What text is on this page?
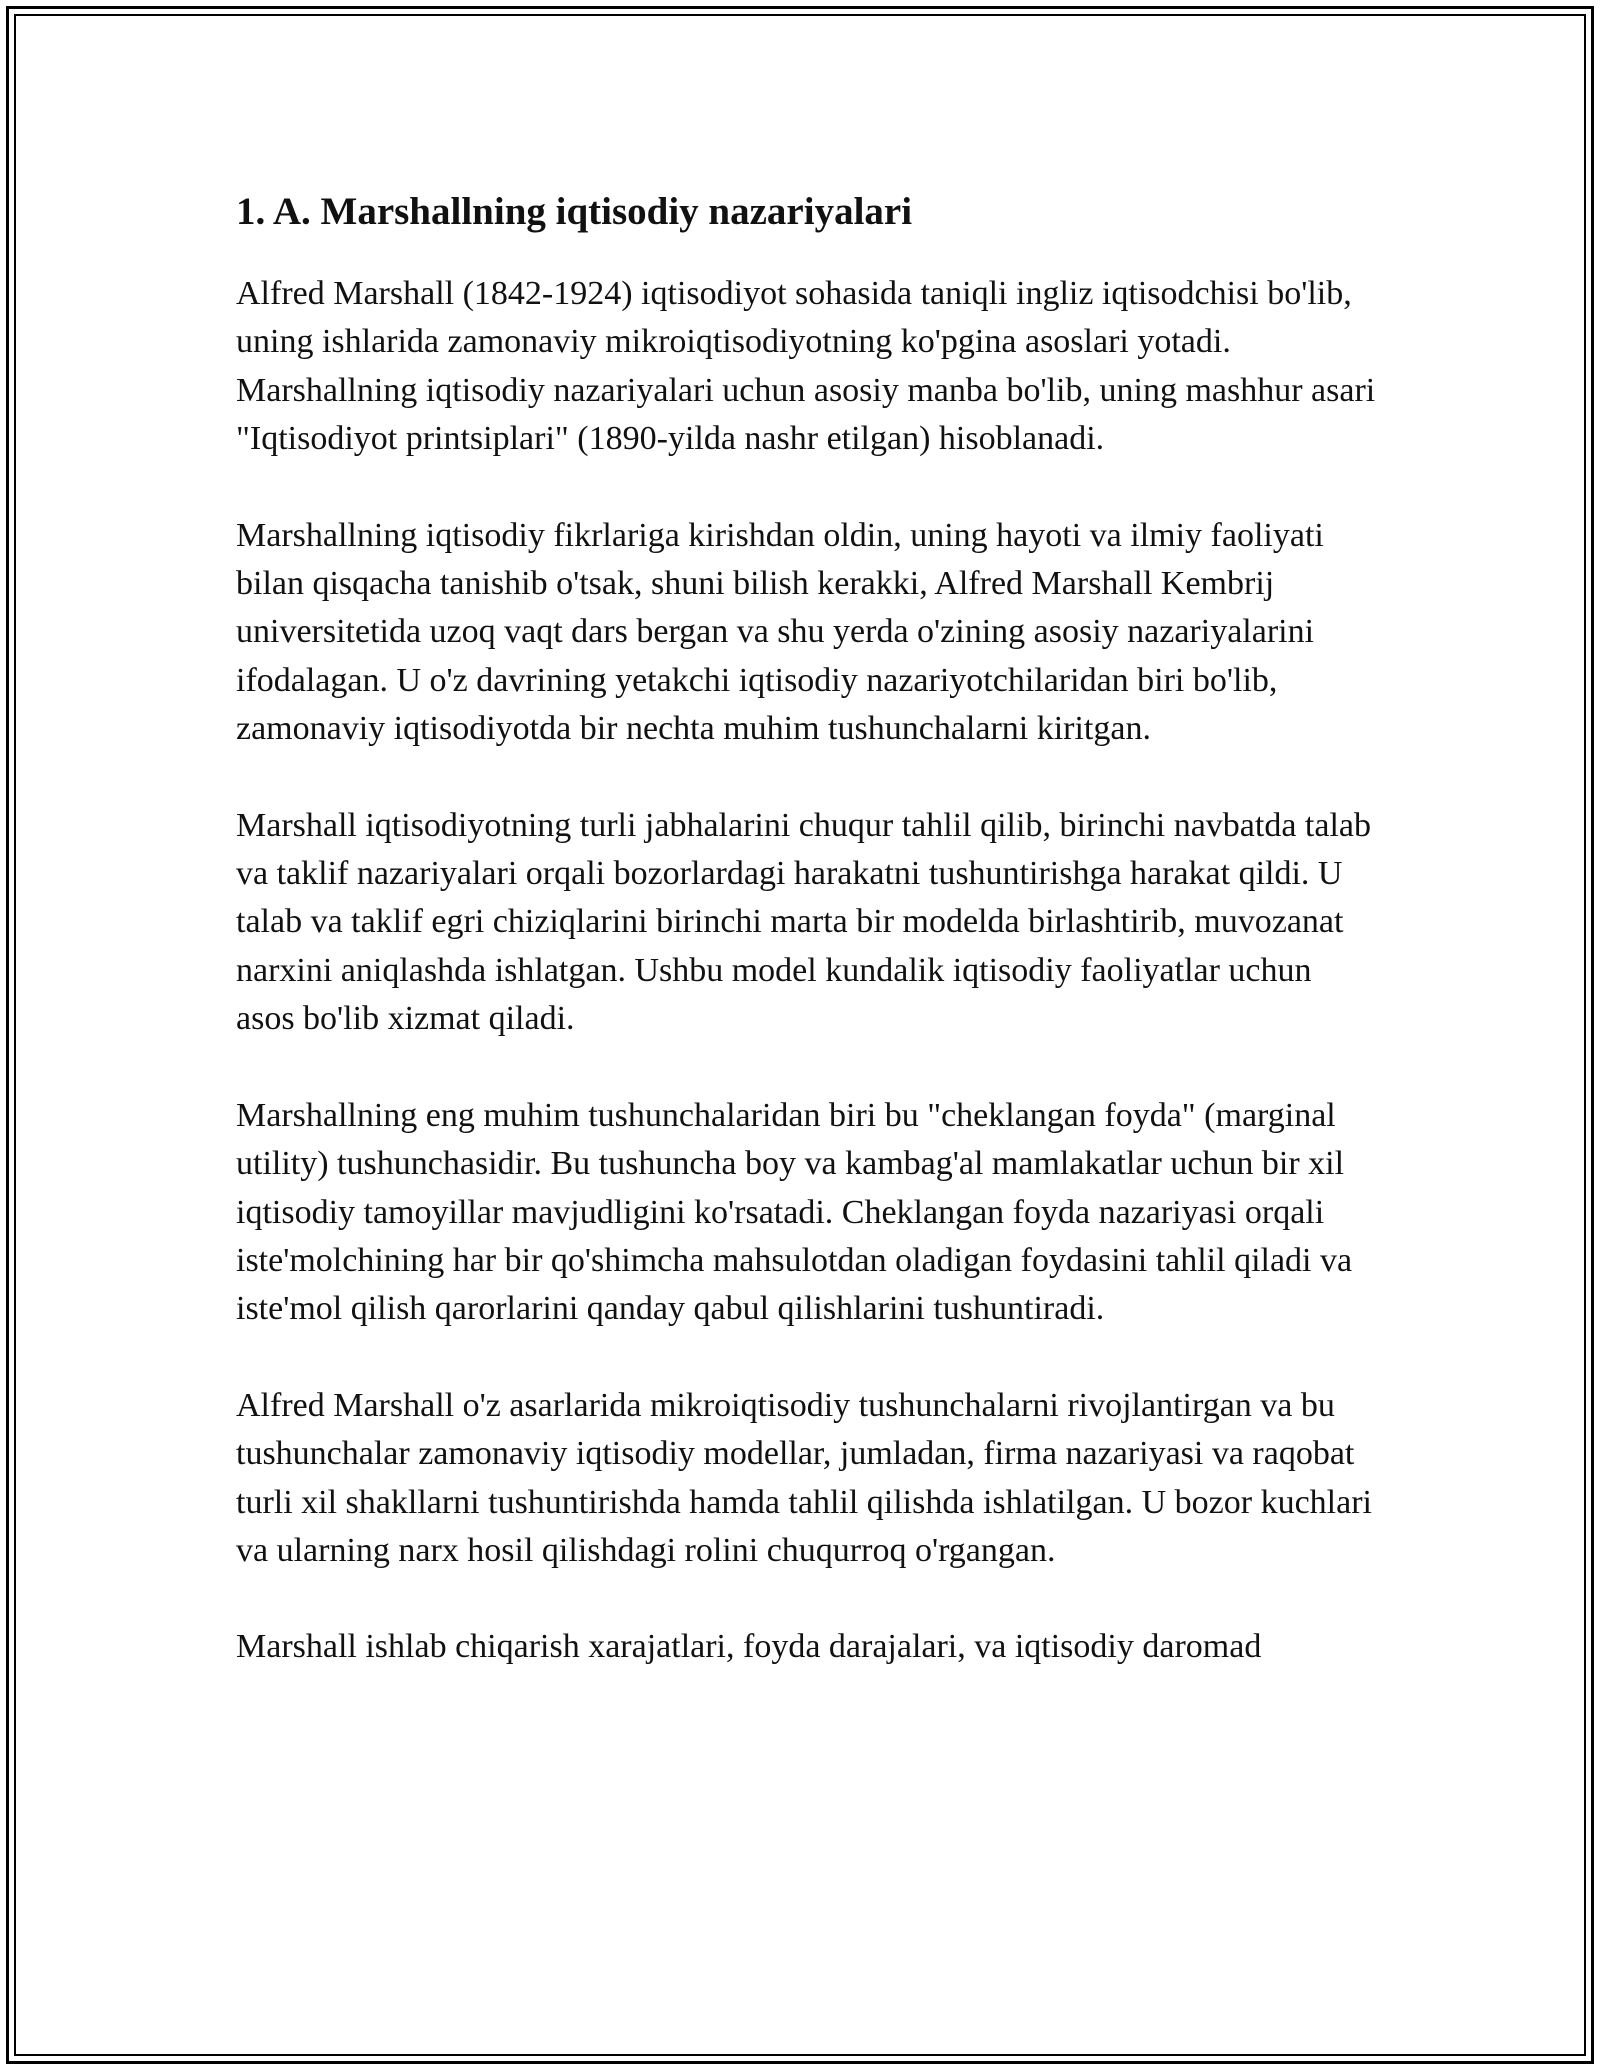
1. A. Marshallning iqtisodiy nazariyalari

Alfred Marshall (1842-1924) iqtisodiyot sohasida taniqli ingliz iqtisodchisi bo'lib, uning ishlarida zamonaviy mikroiqtisodiyotning ko'pgina asoslari yotadi. Marshallning iqtisodiy nazariyalari uchun asosiy manba bo'lib, uning mashhur asari "Iqtisodiyot printsiplari" (1890-yilda nashr etilgan) hisoblanadi.

Marshallning iqtisodiy fikrlariga kirishdan oldin, uning hayoti va ilmiy faoliyati bilan qisqacha tanishib o'tsak, shuni bilish kerakki, Alfred Marshall Kembrij universitetida uzoq vaqt dars bergan va shu yerda o'zining asosiy nazariyalarini ifodalagan. U o'z davrining yetakchi iqtisodiy nazariyotchilaridan biri bo'lib, zamonaviy iqtisodiyotda bir nechta muhim tushunchalarni kiritgan.

Marshall iqtisodiyotning turli jabhalarini chuqur tahlil qilib, birinchi navbatda talab va taklif nazariyalari orqali bozorlardagi harakatni tushuntirishga harakat qildi. U talab va taklif egri chiziqlarini birinchi marta bir modelda birlashtirib, muvozanat narxini aniqlashda ishlatgan. Ushbu model kundalik iqtisodiy faoliyatlar uchun asos bo'lib xizmat qiladi.

Marshallning eng muhim tushunchalaridan biri bu "cheklangan foyda" (marginal utility) tushunchasidir. Bu tushuncha boy va kambag'al mamlakatlar uchun bir xil iqtisodiy tamoyillar mavjudligini ko'rsatadi. Cheklangan foyda nazariyasi orqali iste'molchining har bir qo'shimcha mahsulotdan oladigan foydasini tahlil qiladi va iste'mol qilish qarorlarini qanday qabul qilishlarini tushuntiradi.

Alfred Marshall o'z asarlarida mikroiqtisodiy tushunchalarni rivojlantirgan va bu tushunchalar zamonaviy iqtisodiy modellar, jumladan, firma nazariyasi va raqobat turli xil shakllarni tushuntirishda hamda tahlil qilishda ishlatilgan. U bozor kuchlari va ularning narx hosil qilishdagi rolini chuqurroq o'rgangan.

Marshall ishlab chiqarish xarajatlari, foyda darajalari, va iqtisodiy daromad
